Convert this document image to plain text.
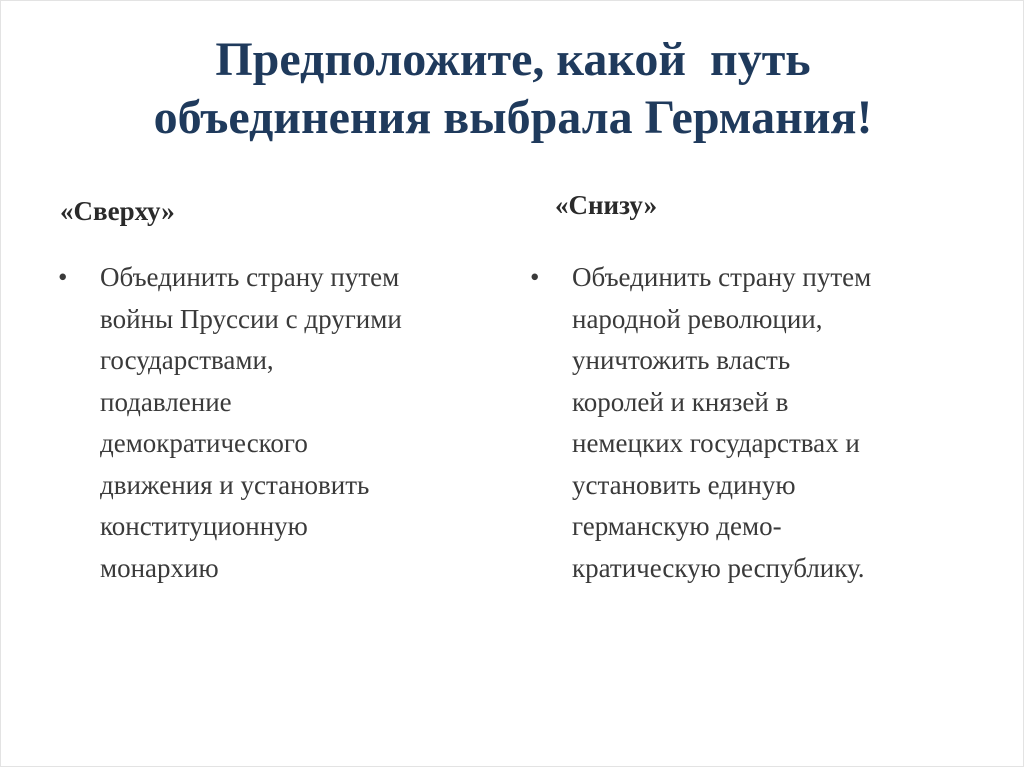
Предположите, какой  путь
объединения выбрала Германия!
«Сверху»
•	Объединить страну путем
войны Пруссии с другими
государствами,
подавление
демократического
движения и установить
конституционную
монархию
«Снизу»
•	Объединить страну путем
народной революции,
уничтожить власть
королей и князей в
немецких государствах и
установить единую
германскую демо-
кратическую республику.
